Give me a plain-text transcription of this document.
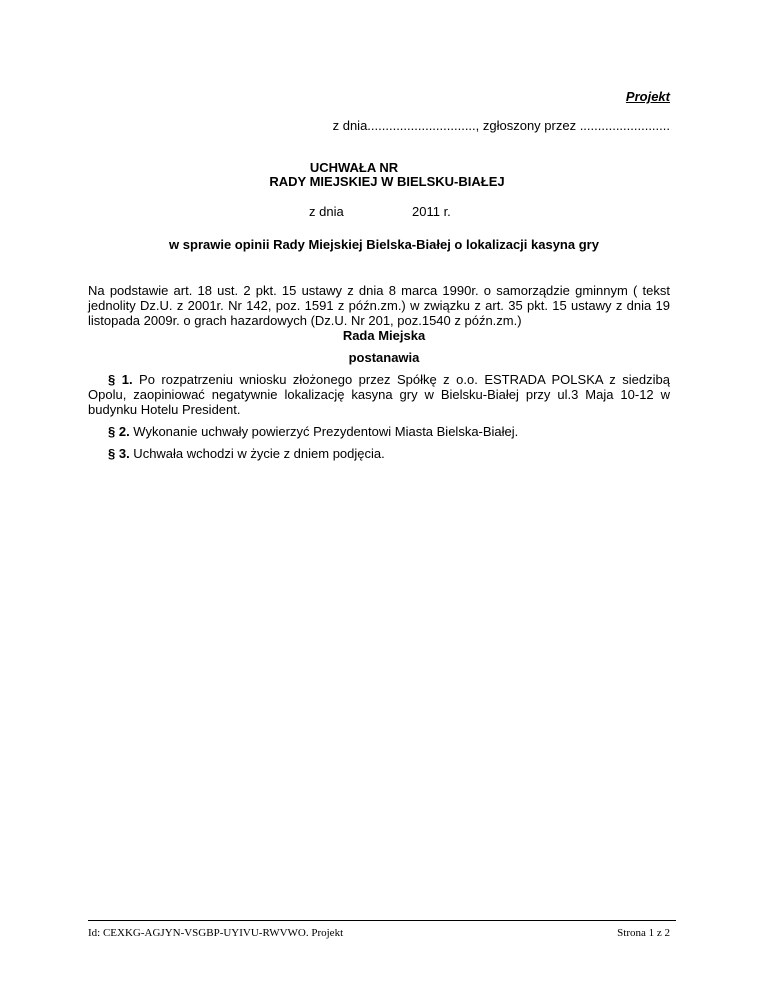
Projekt
z dnia.............................., zgłoszony przez .........................
UCHWAŁA NR
RADY MIEJSKIEJ W BIELSKU-BIAŁEJ
z dnia	2011 r.
w sprawie opinii Rady Miejskiej Bielska-Białej o lokalizacji kasyna gry
Na podstawie art. 18 ust. 2 pkt. 15 ustawy z dnia 8 marca 1990r. o samorządzie gminnym ( tekst jednolity Dz.U. z 2001r. Nr 142, poz. 1591 z późn.zm.) w związku z art. 35 pkt. 15 ustawy z dnia 19 listopada 2009r. o grach hazardowych (Dz.U. Nr 201, poz.1540 z późn.zm.)
Rada Miejska
postanawia
§ 1. Po rozpatrzeniu wniosku złożonego przez Spółkę z o.o. ESTRADA POLSKA z siedzibą Opolu, zaopiniować negatywnie lokalizację kasyna gry w Bielsku-Białej przy ul.3 Maja 10-12 w budynku Hotelu President.
§ 2. Wykonanie uchwały powierzyć Prezydentowi Miasta Bielska-Białej.
§ 3. Uchwała wchodzi w życie z dniem podjęcia.
Id: CEXKG-AGJYN-VSGBP-UYIVU-RWVWO. Projekt	Strona 1 z 2
